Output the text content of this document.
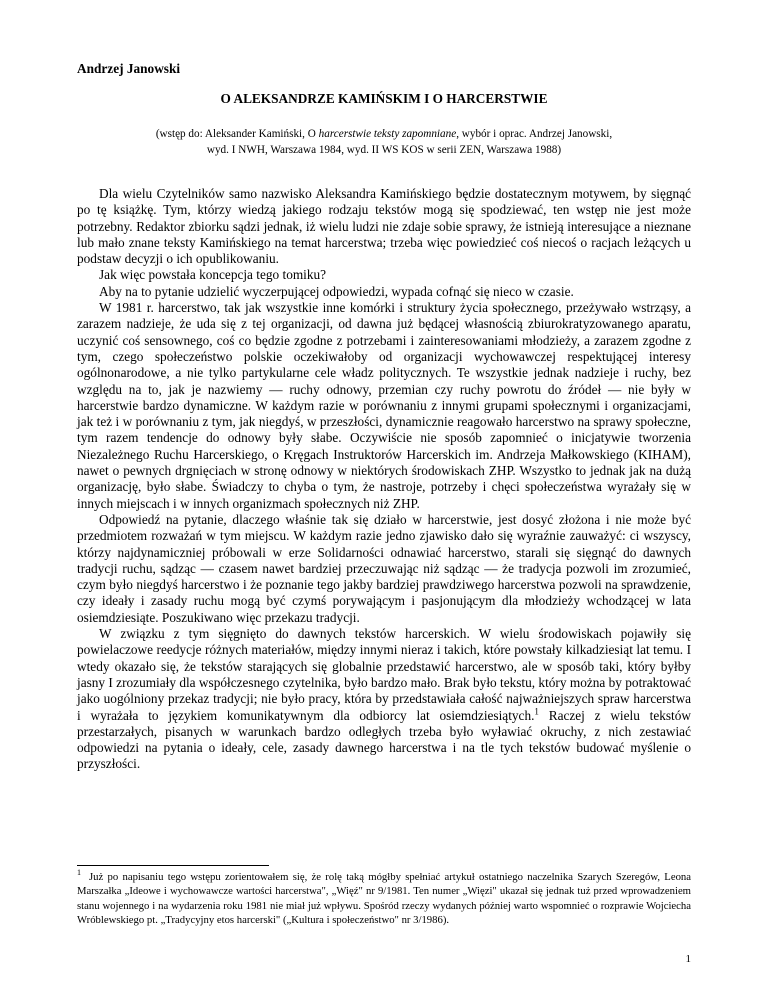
Andrzej Janowski
O ALEKSANDRZE KAMIŃSKIM I O HARCERSTWIE
(wstęp do: Aleksander Kamiński, O harcerstwie teksty zapomniane, wybór i oprac. Andrzej Janowski,
wyd. I NWH, Warszawa 1984, wyd. II WS KOS w serii ZEN, Warszawa 1988)

Dla wielu Czytelników samo nazwisko Aleksandra Kamińskiego będzie dostatecznym motywem, by sięgnąć po tę książkę. Tym, którzy wiedzą jakiego rodzaju tekstów mogą się spodziewać, ten wstęp nie jest może potrzebny. Redaktor zbiorku sądzi jednak, iż wielu ludzi nie zdaje sobie sprawy, że istnieją interesujące a nieznane lub mało znane teksty Kamińskiego na temat harcerstwa; trzeba więc powiedzieć coś niecoś o racjach leżących u podstaw decyzji o ich opublikowaniu.

Jak więc powstała koncepcja tego tomiku?

Aby na to pytanie udzielić wyczerpującej odpowiedzi, wypada cofnąć się nieco w czasie.

W 1981 r. harcerstwo, tak jak wszystkie inne komórki i struktury życia społecznego, przeżywało wstrząsy, a zarazem nadzieje, że uda się z tej organizacji, od dawna już będącej własnością zbiurokratyzowanego aparatu, uczynić coś sensownego, coś co będzie zgodne z potrzebami i zainteresowaniami młodzieży, a zarazem zgodne z tym, czego społeczeństwo polskie oczekiwałoby od organizacji wychowawczej respektującej interesy ogólnonarodowe, a nie tylko partykularne cele władz politycznych. Te wszystkie jednak nadzieje i ruchy, bez względu na to, jak je nazwiemy — ruchy odnowy, przemian czy ruchy powrotu do źródeł — nie były w harcerstwie bardzo dynamiczne. W każdym razie w porównaniu z innymi grupami społecznymi i organizacjami, jak też i w porównaniu z tym, jak niegdyś, w przeszłości, dynamicznie reagowało harcerstwo na sprawy społeczne, tym razem tendencje do odnowy były słabe. Oczywiście nie sposób zapomnieć o inicjatywie tworzenia Niezależnego Ruchu Harcerskiego, o Kręgach Instruktorów Harcerskich im. Andrzeja Małkowskiego (KIHAM), nawet o pewnych drgnięciach w stronę odnowy w niektórych środowiskach ZHP. Wszystko to jednak jak na dużą organizację, było słabe. Świadczy to chyba o tym, że nastroje, potrzeby i chęci społeczeństwa wyrażały się w innych miejscach i w innych organizmach społecznych niż ZHP.

Odpowiedź na pytanie, dlaczego właśnie tak się działo w harcerstwie, jest dosyć złożona i nie może być przedmiotem rozważań w tym miejscu. W każdym razie jedno zjawisko dało się wyraźnie zauważyć: ci wszyscy, którzy najdynamiczniej próbowali w erze Solidarności odnawiać harcerstwo, starali się sięgnąć do dawnych tradycji ruchu, sądząc — czasem nawet bardziej przeczuwając niż sądząc — że tradycja pozwoli im zrozumieć, czym było niegdyś harcerstwo i że poznanie tego jakby bardziej prawdziwego harcerstwa pozwoli na sprawdzenie, czy ideały i zasady ruchu mogą być czymś porywającym i pasjonującym dla młodzieży wchodzącej w lata osiemdziesiąte. Poszukiwano więc przekazu tradycji.

W związku z tym sięgnięto do dawnych tekstów harcerskich. W wielu środowiskach pojawiły się powielaczowe reedycje różnych materiałów, między innymi nieraz i takich, które powstały kilkadziesiąt lat temu. I wtedy okazało się, że tekstów starających się globalnie przedstawić harcerstwo, ale w sposób taki, który byłby jasny I zrozumiały dla współczesnego czytelnika, było bardzo mało. Brak było tekstu, który można by potraktować jako uogólniony przekaz tradycji; nie było pracy, która by przedstawiała całość najważniejszych spraw harcerstwa i wyrażała to językiem komunikatywnym dla odbiorcy lat osiemdziesiątych.$^1$ Raczej z wielu tekstów przestarzałych, pisanych w warunkach bardzo odległych trzeba było wyławiać okruchy, z nich zestawiać odpowiedzi na pytania o ideały, cele, zasady dawnego harcerstwa i na tle tych tekstów budować myślenie o przyszłości.

$^1$ Już po napisaniu tego wstępu zorientowałem się, że rolę taką mógłby spełniać artykuł ostatniego naczelnika Szarych Szeregów, Leona Marszałka „Ideowe i wychowawcze wartości harcerstwa", „Więź" nr 9/1981. Ten numer „Więzi" ukazał się jednak tuż przed wprowadzeniem stanu wojennego i na wydarzenia roku 1981 nie miał już wpływu. Spośród rzeczy wydanych później warto wspomnieć o rozprawie Wojciecha Wróblewskiego pt. „Tradycyjny etos harcerski" („Kultura i społeczeństwo" nr 3/1986).
1
